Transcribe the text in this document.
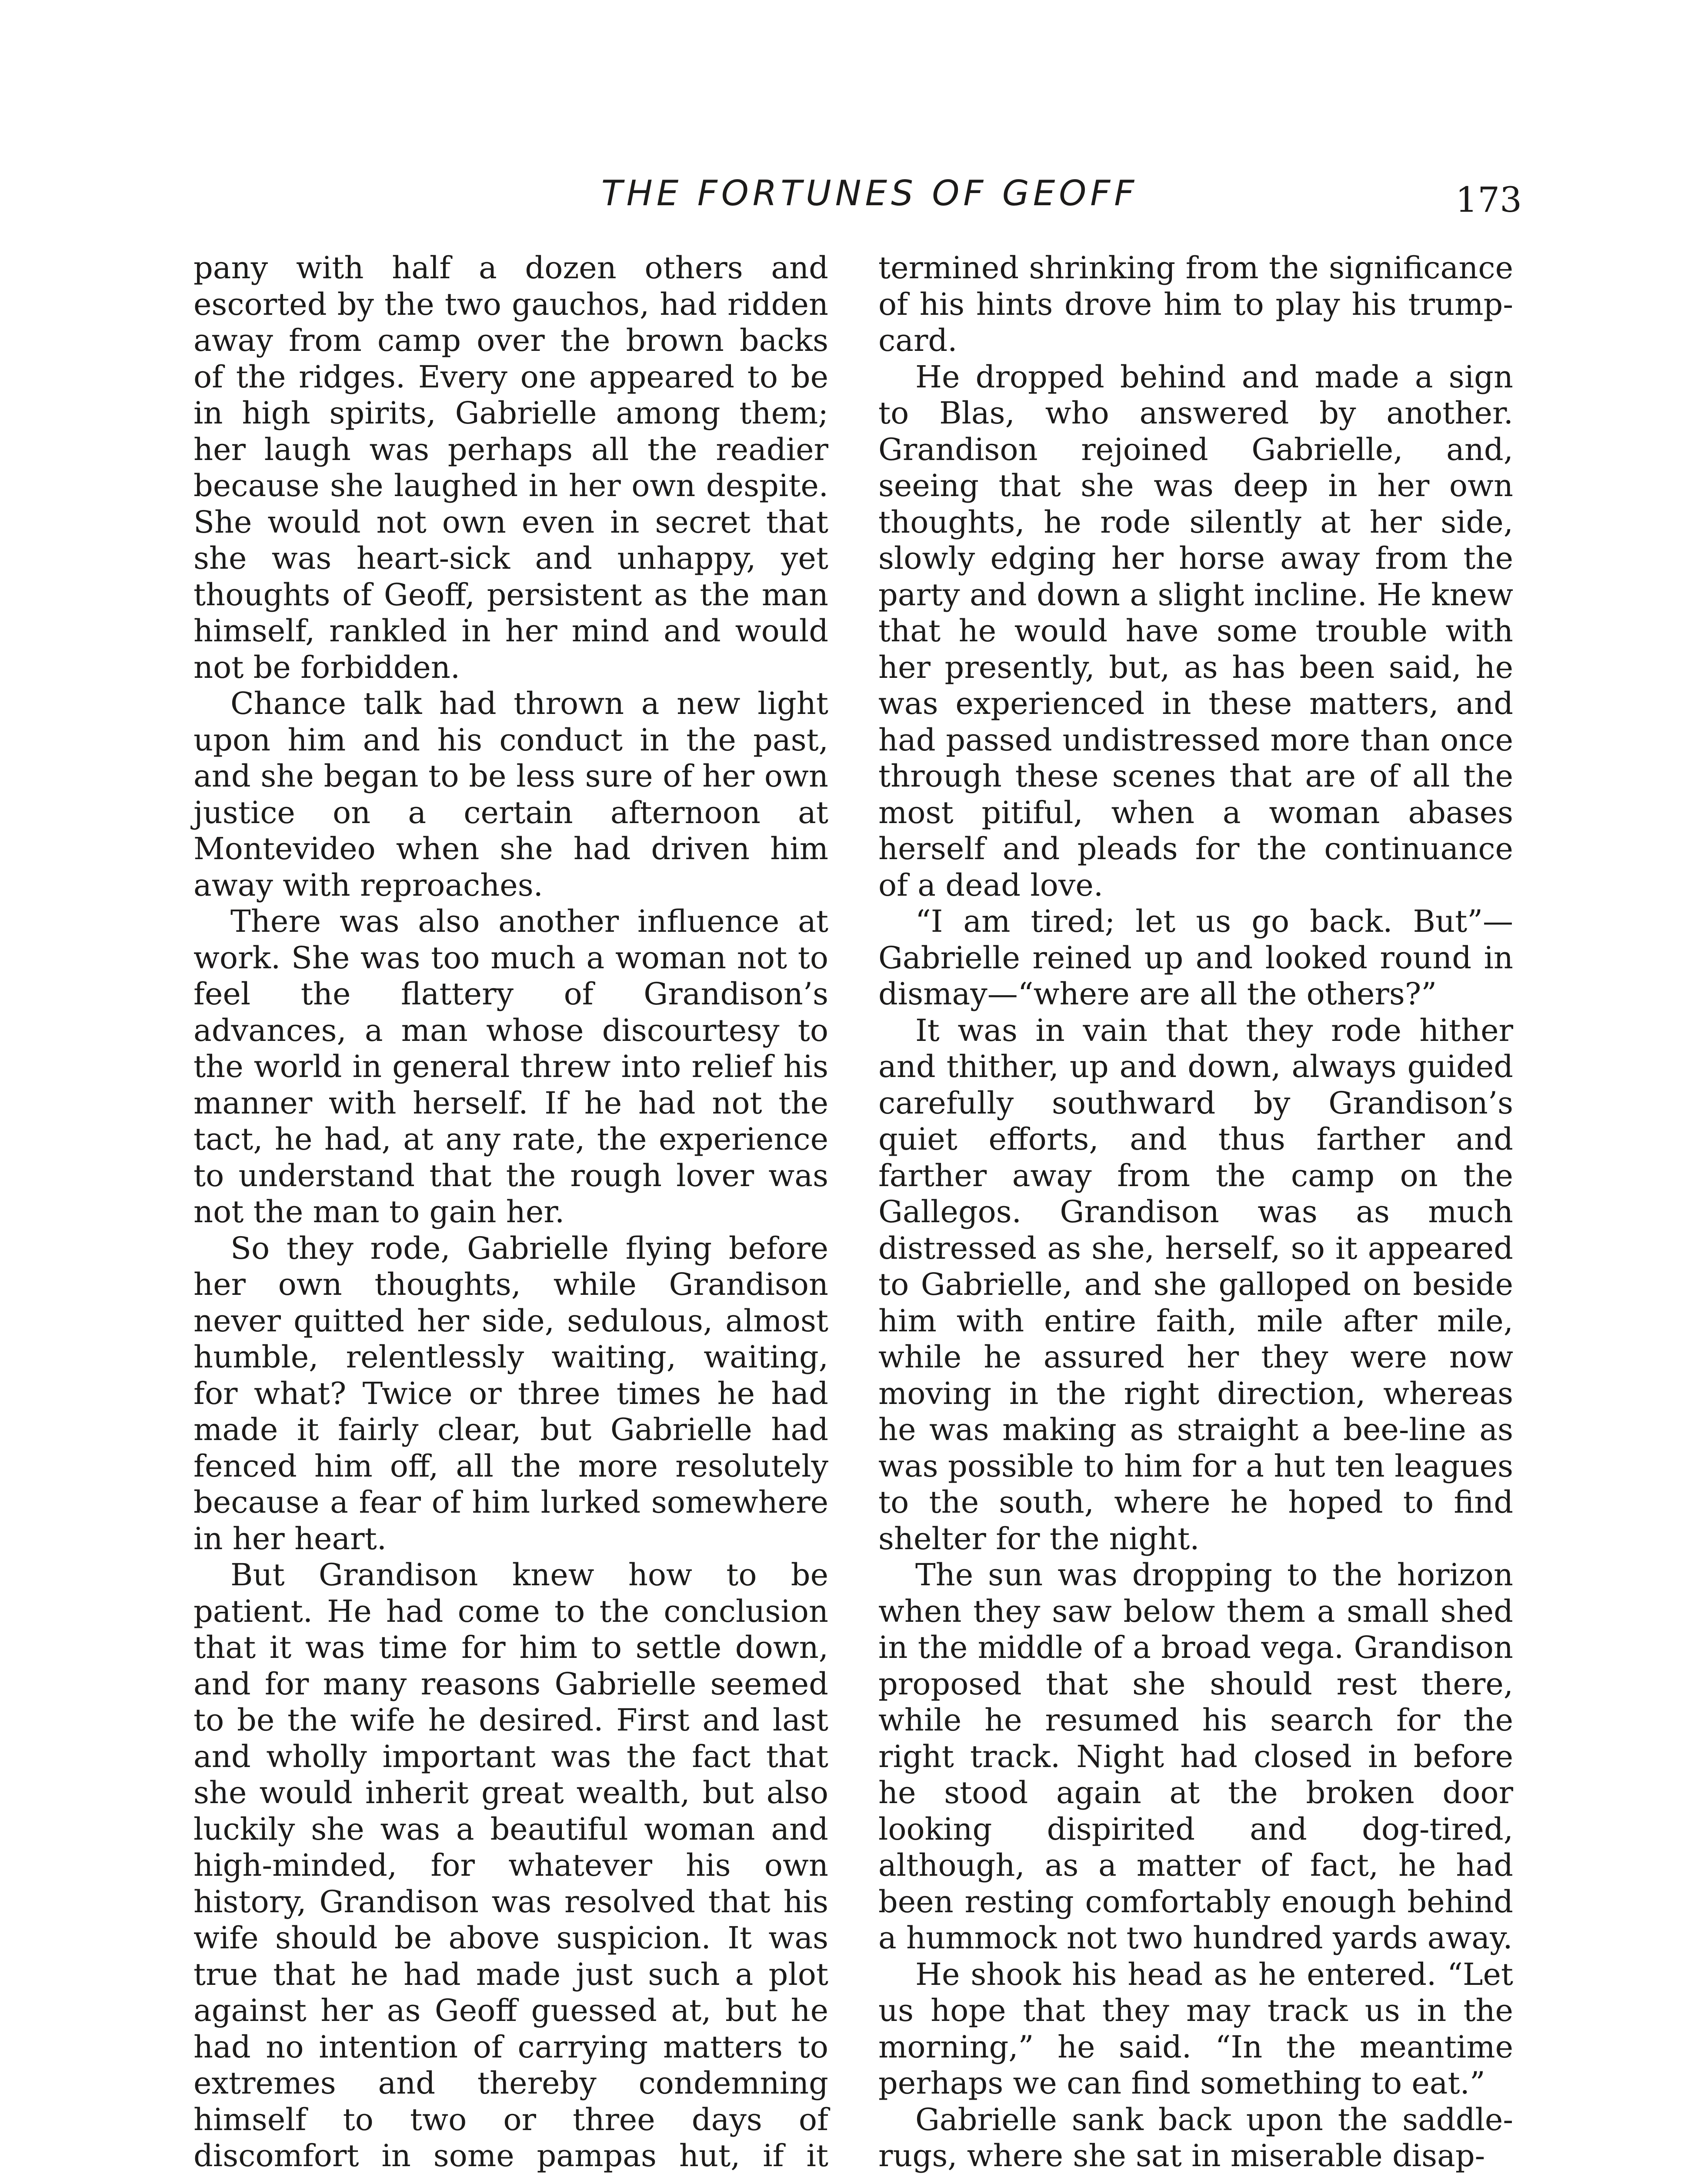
THE FORTUNES OF GEOFF	173

pany with half a dozen others and escorted by the two gauchos, had ridden away from camp over the brown backs of the ridges. Every one appeared to be in high spirits, Gabrielle among them; her laugh was perhaps all the readier because she laughed in her own despite. She would not own even in secret that she was heart-sick and unhappy, yet thoughts of Geoff, persistent as the man himself, rankled in her mind and would not be forbidden.

Chance talk had thrown a new light upon him and his conduct in the past, and she began to be less sure of her own justice on a certain afternoon at Montevideo when she had driven him away with reproaches.

There was also another influence at work. She was too much a woman not to feel the flattery of Grandison’s advances, a man whose discourtesy to the world in general threw into relief his manner with herself. If he had not the tact, he had, at any rate, the experience to understand that the rough lover was not the man to gain her.

So they rode, Gabrielle flying before her own thoughts, while Grandison never quitted her side, sedulous, almost humble, relentlessly waiting, waiting, for what? Twice or three times he had made it fairly clear, but Gabrielle had fenced him off, all the more resolutely because a fear of him lurked somewhere in her heart.

But Grandison knew how to be patient. He had come to the conclusion that it was time for him to settle down, and for many reasons Gabrielle seemed to be the wife he desired. First and last and wholly important was the fact that she would inherit great wealth, but also luckily she was a beautiful woman and high-minded, for whatever his own history, Grandison was resolved that his wife should be above suspicion. It was true that he had made just such a plot against her as Geoff guessed at, but he had no intention of carrying matters to extremes and thereby condemning himself to two or three days of discomfort in some pampas hut, if it

termined shrinking from the significance of his hints drove him to play his trump-card.

He dropped behind and made a sign to Blas, who answered by another. Grandison rejoined Gabrielle, and, seeing that she was deep in her own thoughts, he rode silently at her side, slowly edging her horse away from the party and down a slight incline. He knew that he would have some trouble with her presently, but, as has been said, he was experienced in these matters, and had passed undistressed more than once through these scenes that are of all the most pitiful, when a woman abases herself and pleads for the continuance of a dead love.

“I am tired; let us go back. But”—Gabrielle reined up and looked round in dismay—“where are all the others?”

It was in vain that they rode hither and thither, up and down, always guided carefully southward by Grandison’s quiet efforts, and thus farther and farther away from the camp on the Gallegos. Grandison was as much distressed as she, herself, so it appeared to Gabrielle, and she galloped on beside him with entire faith, mile after mile, while he assured her they were now moving in the right direction, whereas he was making as straight a bee-line as was possible to him for a hut ten leagues to the south, where he hoped to find shelter for the night.

The sun was dropping to the horizon when they saw below them a small shed in the middle of a broad vega. Grandison proposed that she should rest there, while he resumed his search for the right track. Night had closed in before he stood again at the broken door looking dispirited and dog-tired, although, as a matter of fact, he had been resting comfortably enough behind a hummock not two hundred yards away.

He shook his head as he entered. “Let us hope that they may track us in the morning,” he said. “In the meantime perhaps we can find something to eat.”

Gabrielle sank back upon the saddle-rugs, where she sat in miserable disap-
